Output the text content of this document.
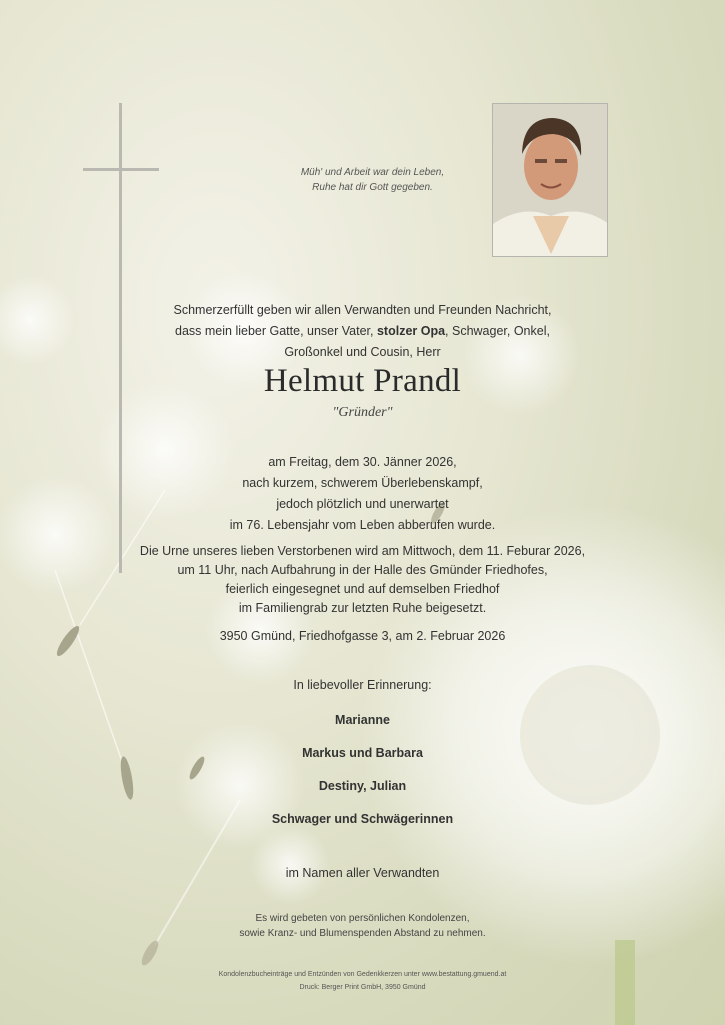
Müh' und Arbeit war dein Leben,
Ruhe hat dir Gott gegeben.
Schmerzerfüllt geben wir allen Verwandten und Freunden Nachricht,
dass mein lieber Gatte, unser Vater, stolzer Opa, Schwager, Onkel,
Großonkel und Cousin, Herr
Helmut Prandl
"Gründer"
am Freitag, dem 30. Jänner 2026,
nach kurzem, schwerem Überlebenskampf,
jedoch plötzlich und unerwartet
im 76. Lebensjahr vom Leben abberufen wurde.
Die Urne unseres lieben Verstorbenen wird am Mittwoch, dem 11. Feburar 2026,
um 11 Uhr, nach Aufbahrung in der Halle des Gmünder Friedhofes,
feierlich eingesegnet und auf demselben Friedhof
im Familiengrab zur letzten Ruhe beigesetzt.
3950 Gmünd, Friedhofgasse 3, am 2. Februar 2026
In liebevoller Erinnerung:
Marianne
Markus und Barbara
Destiny, Julian
Schwager und Schwägerinnen
im Namen aller Verwandten
Es wird gebeten von persönlichen Kondolenzen,
sowie Kranz- und Blumenspenden Abstand zu nehmen.
Kondolenzbucheinträge und Entzünden von Gedenkkerzen unter www.bestattung.gmuend.at
Druck: Berger Print GmbH, 3950 Gmünd
